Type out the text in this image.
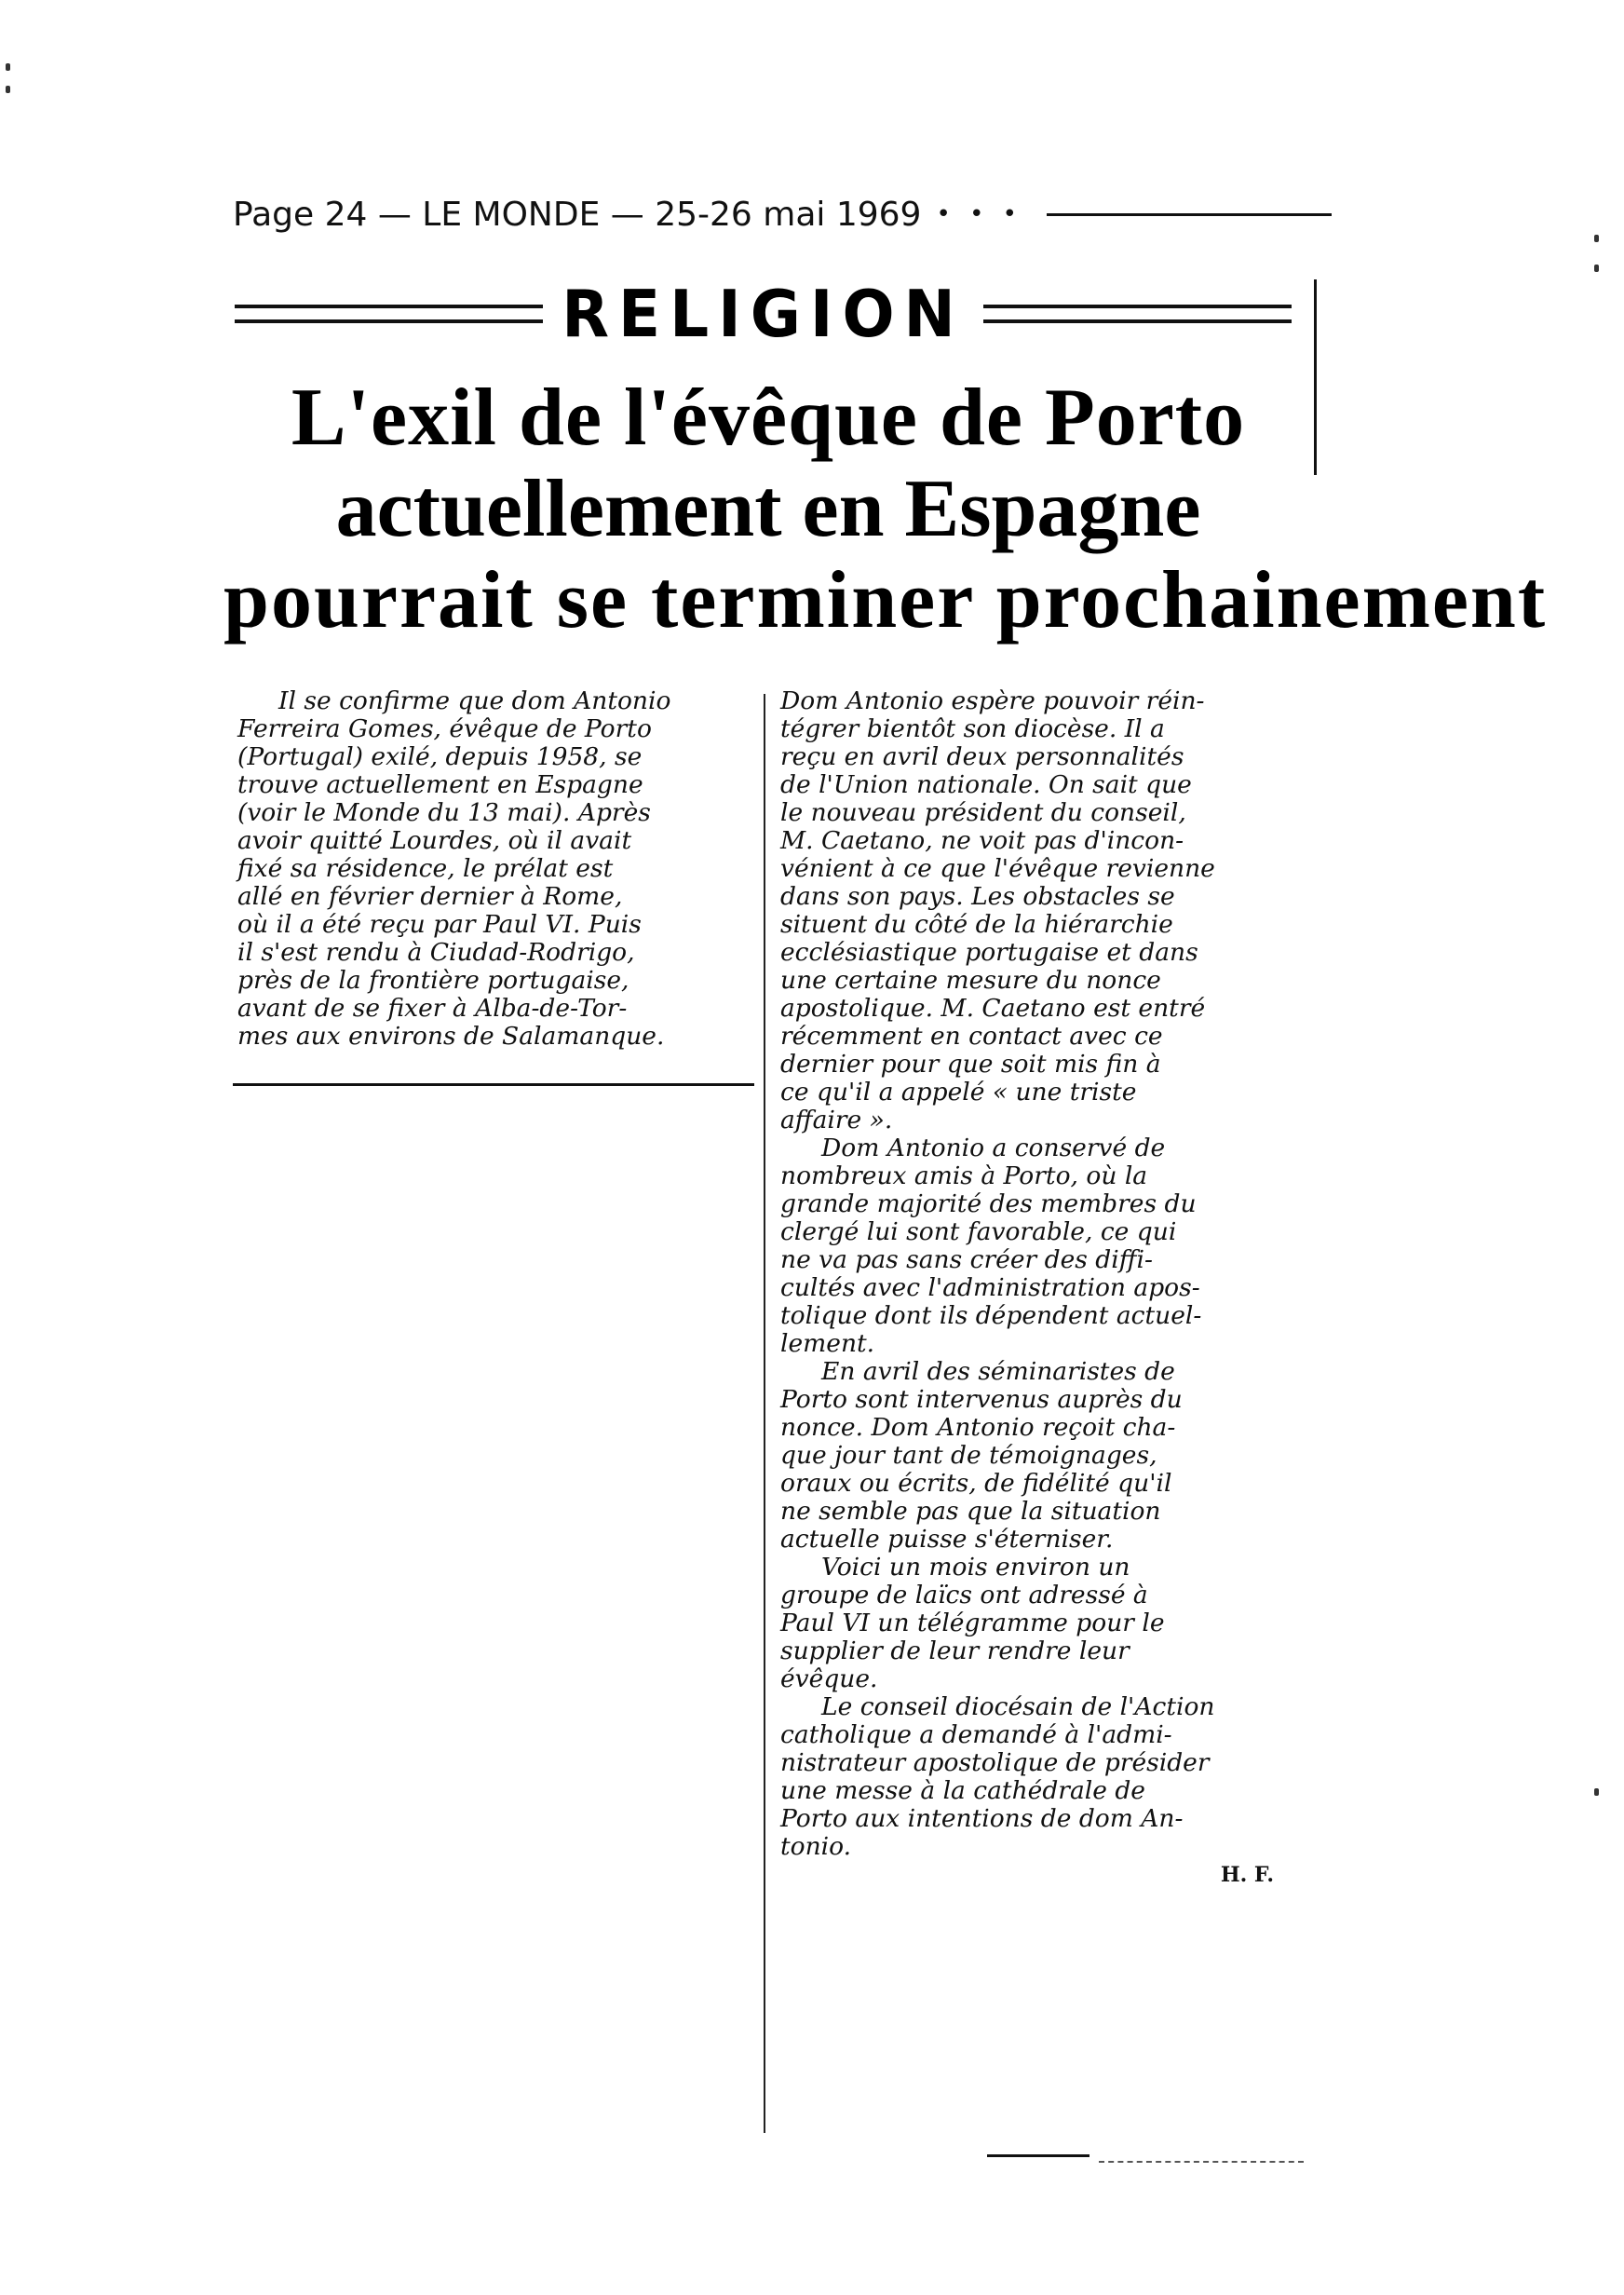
Page 24 — LE MONDE — 25-26 mai 1969 • • •
RELIGION
L'exil de l'évêque de Porto
actuellement en Espagne
pourrait se terminer prochainement
Il se confirme que dom Antonio
Ferreira Gomes, évêque de Porto
(Portugal) exilé, depuis 1958, se
trouve actuellement en Espagne
(voir le Monde du 13 mai). Après
avoir quitté Lourdes, où il avait
fixé sa résidence, le prélat est
allé en février dernier à Rome,
où il a été reçu par Paul VI. Puis
il s'est rendu à Ciudad-Rodrigo,
près de la frontière portugaise,
avant de se fixer à Alba-de-Tor-
mes aux environs de Salamanque.
Dom Antonio espère pouvoir réin-
tégrer bientôt son diocèse. Il a
reçu en avril deux personnalités
de l'Union nationale. On sait que
le nouveau président du conseil,
M. Caetano, ne voit pas d'incon-
vénient à ce que l'évêque revienne
dans son pays. Les obstacles se
situent du côté de la hiérarchie
ecclésiastique portugaise et dans
une certaine mesure du nonce
apostolique. M. Caetano est entré
récemment en contact avec ce
dernier pour que soit mis fin à
ce qu'il a appelé « une triste
affaire ».
Dom Antonio a conservé de
nombreux amis à Porto, où la
grande majorité des membres du
clergé lui sont favorable, ce qui
ne va pas sans créer des diffi-
cultés avec l'administration apos-
tolique dont ils dépendent actuel-
lement.
En avril des séminaristes de
Porto sont intervenus auprès du
nonce. Dom Antonio reçoit cha-
que jour tant de témoignages,
oraux ou écrits, de fidélité qu'il
ne semble pas que la situation
actuelle puisse s'éterniser.
Voici un mois environ un
groupe de laïcs ont adressé à
Paul VI un télégramme pour le
supplier de leur rendre leur
évêque.
Le conseil diocésain de l'Action
catholique a demandé à l'admi-
nistrateur apostolique de présider
une messe à la cathédrale de
Porto aux intentions de dom An-
tonio.
H. F.
